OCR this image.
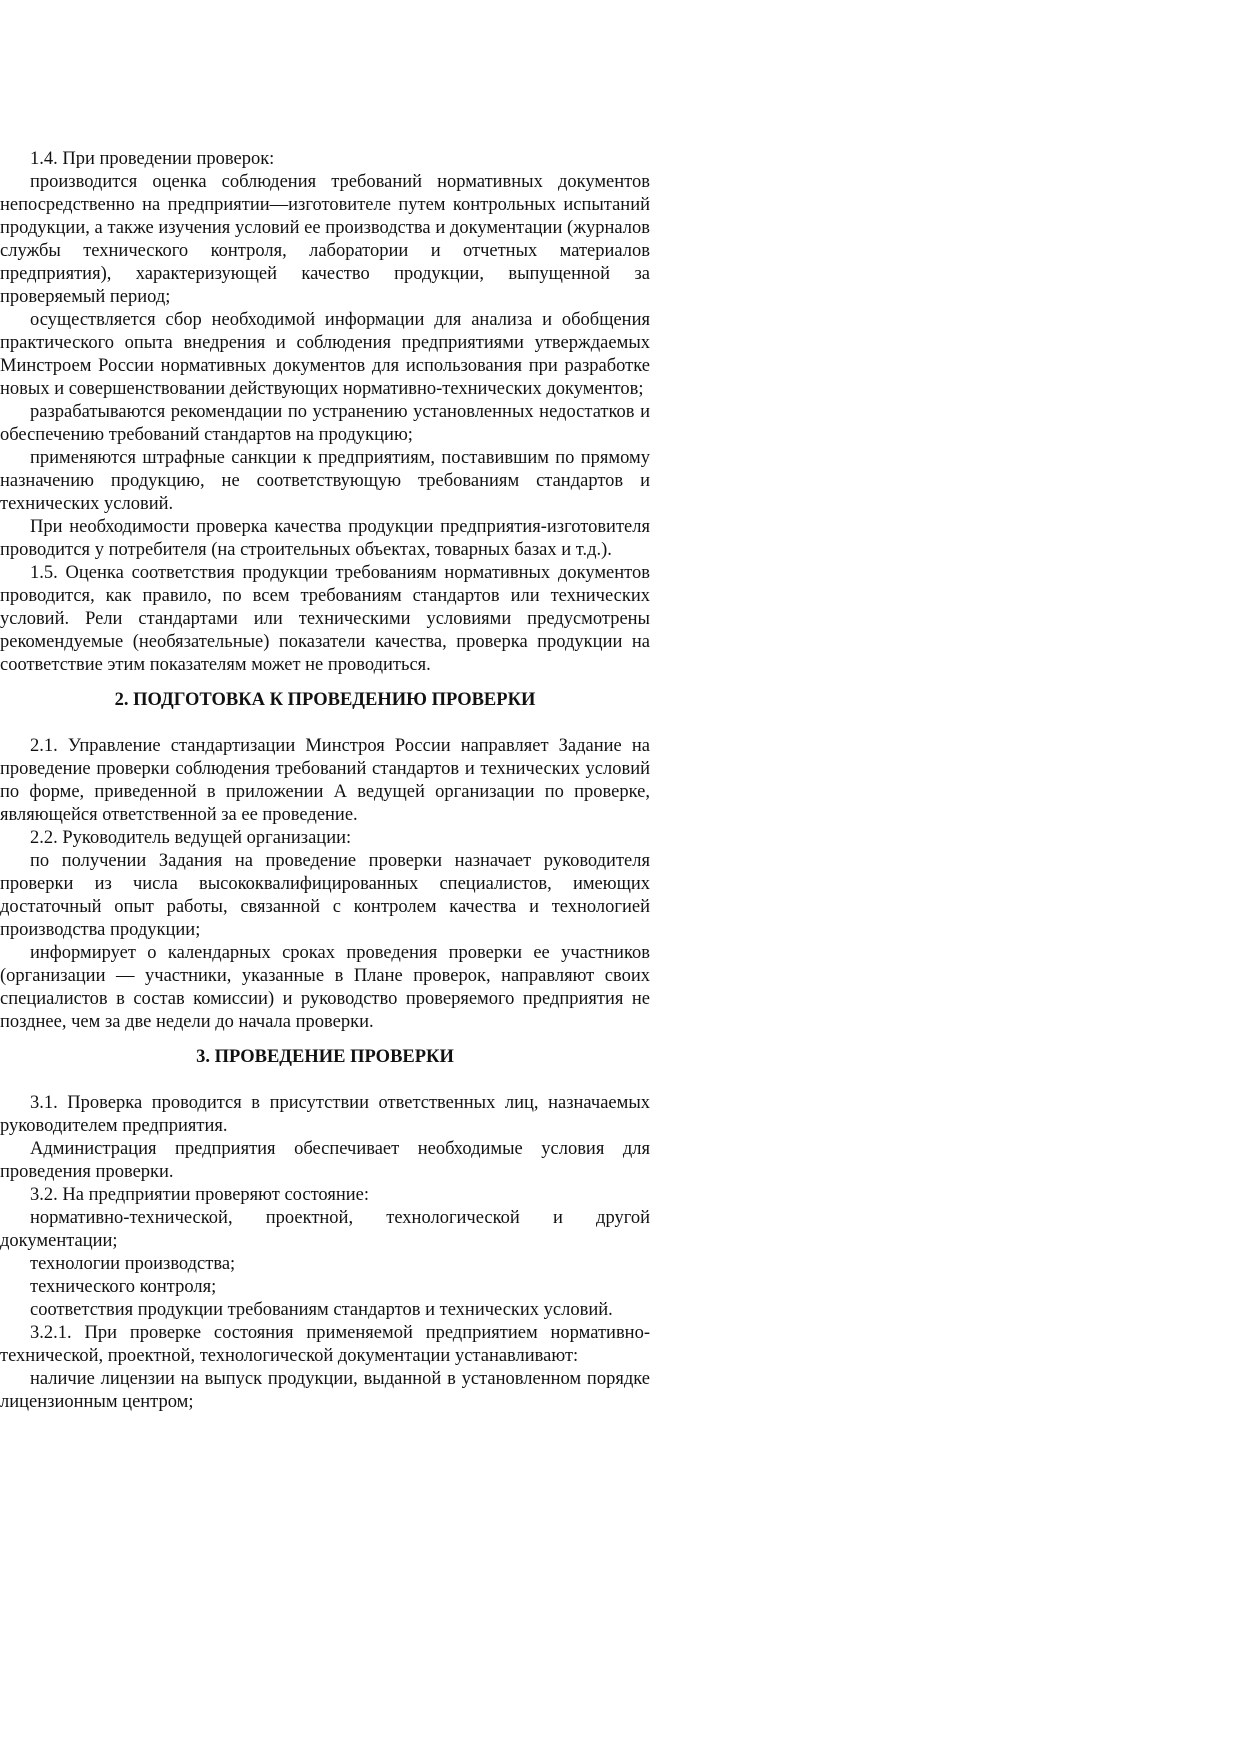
1.4. При проведении проверок:

производится оценка соблюдения требований нормативных документов непосредственно на предприятии—изготовителе путем контрольных испытаний продукции, а также изучения условий ее производства и документации (журналов службы технического контроля, лаборатории и отчетных материалов предприятия), характеризующей качество продукции, выпущенной за проверяемый период;

осуществляется сбор необходимой информации для анализа и обобщения практического опыта внедрения и соблюдения предприятиями утверждаемых Минстроем России нормативных документов для использования при разработке новых и совершенствовании действующих нормативно-технических документов;

разрабатываются рекомендации по устранению установленных недостатков и обеспечению требований стандартов на продукцию;

применяются штрафные санкции к предприятиям, поставившим по прямому назначению продукцию, не соответствующую требованиям стандартов и технических условий.

При необходимости проверка качества продукции предприятия-изготовителя проводится у потребителя (на строительных объектах, товарных базах и т.д.).

1.5. Оценка соответствия продукции требованиям нормативных документов проводится, как правило, по всем требованиям стандартов или технических условий. Рели стандартами или техническими условиями предусмотрены рекомендуемые (необязательные) показатели качества, проверка продукции на соответствие этим показателям может не проводиться.

2. ПОДГОТОВКА К ПРОВЕДЕНИЮ ПРОВЕРКИ

2.1. Управление стандартизации Минстроя России направляет Задание на проведение проверки соблюдения требований стандартов и технических условий по форме, приведенной в приложении А ведущей организации по проверке, являющейся ответственной за ее проведение.

2.2. Руководитель ведущей организации:

по получении Задания на проведение проверки назначает руководителя проверки из числа высококвалифицированных специалистов, имеющих достаточный опыт работы, связанной с контролем качества и технологией производства продукции;

информирует о календарных сроках проведения проверки ее участников (организации — участники, указанные в Плане проверок, направляют своих специалистов в состав комиссии) и руководство проверяемого предприятия не позднее, чем за две недели до начала проверки.

3. ПРОВЕДЕНИЕ ПРОВЕРКИ

3.1. Проверка проводится в присутствии ответственных лиц, назначаемых руководителем предприятия.

Администрация предприятия обеспечивает необходимые условия для проведения проверки.

3.2. На предприятии проверяют состояние:

нормативно-технической, проектной, технологической и другой документации;

технологии производства;

технического контроля;

соответствия продукции требованиям стандартов и технических условий.

3.2.1. При проверке состояния применяемой предприятием нормативно-технической, проектной, технологической документации устанавливают:

наличие лицензии на выпуск продукции, выданной в установленном порядке лицензионным центром;
